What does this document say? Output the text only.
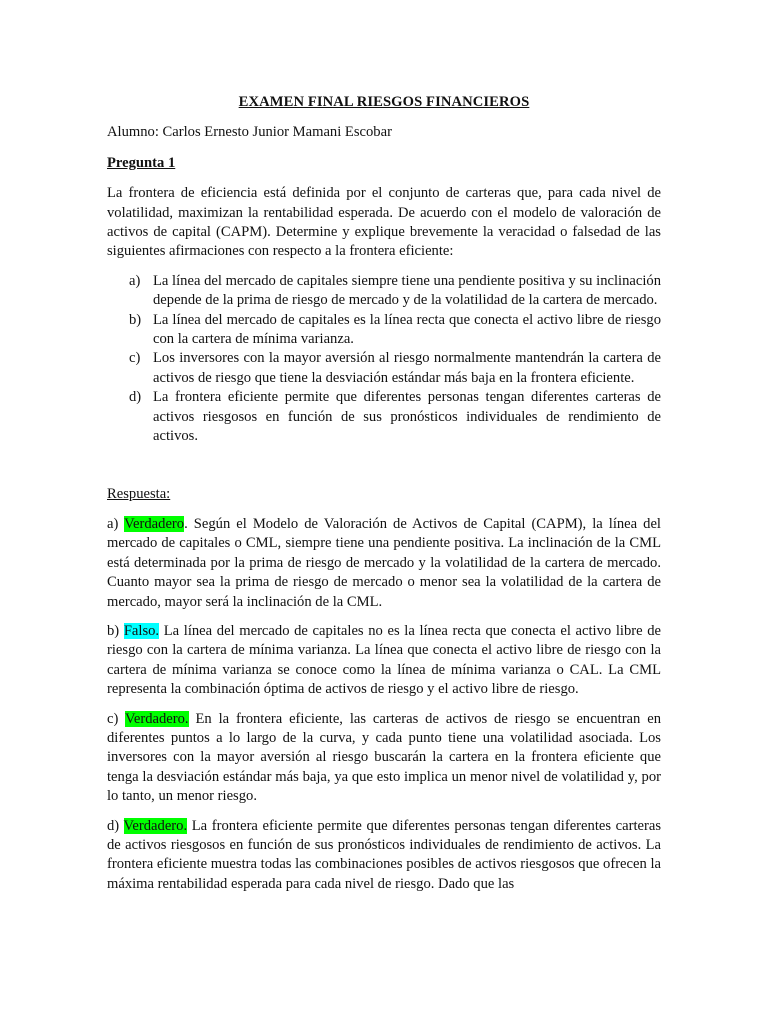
EXAMEN FINAL RIESGOS FINANCIEROS
Alumno: Carlos Ernesto Junior Mamani Escobar
Pregunta 1
La frontera de eficiencia está definida por el conjunto de carteras que, para cada nivel de volatilidad, maximizan la rentabilidad esperada. De acuerdo con el modelo de valoración de activos de capital (CAPM). Determine y explique brevemente la veracidad o falsedad de las siguientes afirmaciones con respecto a la frontera eficiente:
a) La línea del mercado de capitales siempre tiene una pendiente positiva y su inclinación depende de la prima de riesgo de mercado y de la volatilidad de la cartera de mercado.
b) La línea del mercado de capitales es la línea recta que conecta el activo libre de riesgo con la cartera de mínima varianza.
c) Los inversores con la mayor aversión al riesgo normalmente mantendrán la cartera de activos de riesgo que tiene la desviación estándar más baja en la frontera eficiente.
d) La frontera eficiente permite que diferentes personas tengan diferentes carteras de activos riesgosos en función de sus pronósticos individuales de rendimiento de activos.
Respuesta:
a) Verdadero. Según el Modelo de Valoración de Activos de Capital (CAPM), la línea del mercado de capitales o CML, siempre tiene una pendiente positiva. La inclinación de la CML está determinada por la prima de riesgo de mercado y la volatilidad de la cartera de mercado. Cuanto mayor sea la prima de riesgo de mercado o menor sea la volatilidad de la cartera de mercado, mayor será la inclinación de la CML.
b) Falso. La línea del mercado de capitales no es la línea recta que conecta el activo libre de riesgo con la cartera de mínima varianza. La línea que conecta el activo libre de riesgo con la cartera de mínima varianza se conoce como la línea de mínima varianza o CAL. La CML representa la combinación óptima de activos de riesgo y el activo libre de riesgo.
c) Verdadero. En la frontera eficiente, las carteras de activos de riesgo se encuentran en diferentes puntos a lo largo de la curva, y cada punto tiene una volatilidad asociada. Los inversores con la mayor aversión al riesgo buscarán la cartera en la frontera eficiente que tenga la desviación estándar más baja, ya que esto implica un menor nivel de volatilidad y, por lo tanto, un menor riesgo.
d) Verdadero. La frontera eficiente permite que diferentes personas tengan diferentes carteras de activos riesgosos en función de sus pronósticos individuales de rendimiento de activos. La frontera eficiente muestra todas las combinaciones posibles de activos riesgosos que ofrecen la máxima rentabilidad esperada para cada nivel de riesgo. Dado que las
